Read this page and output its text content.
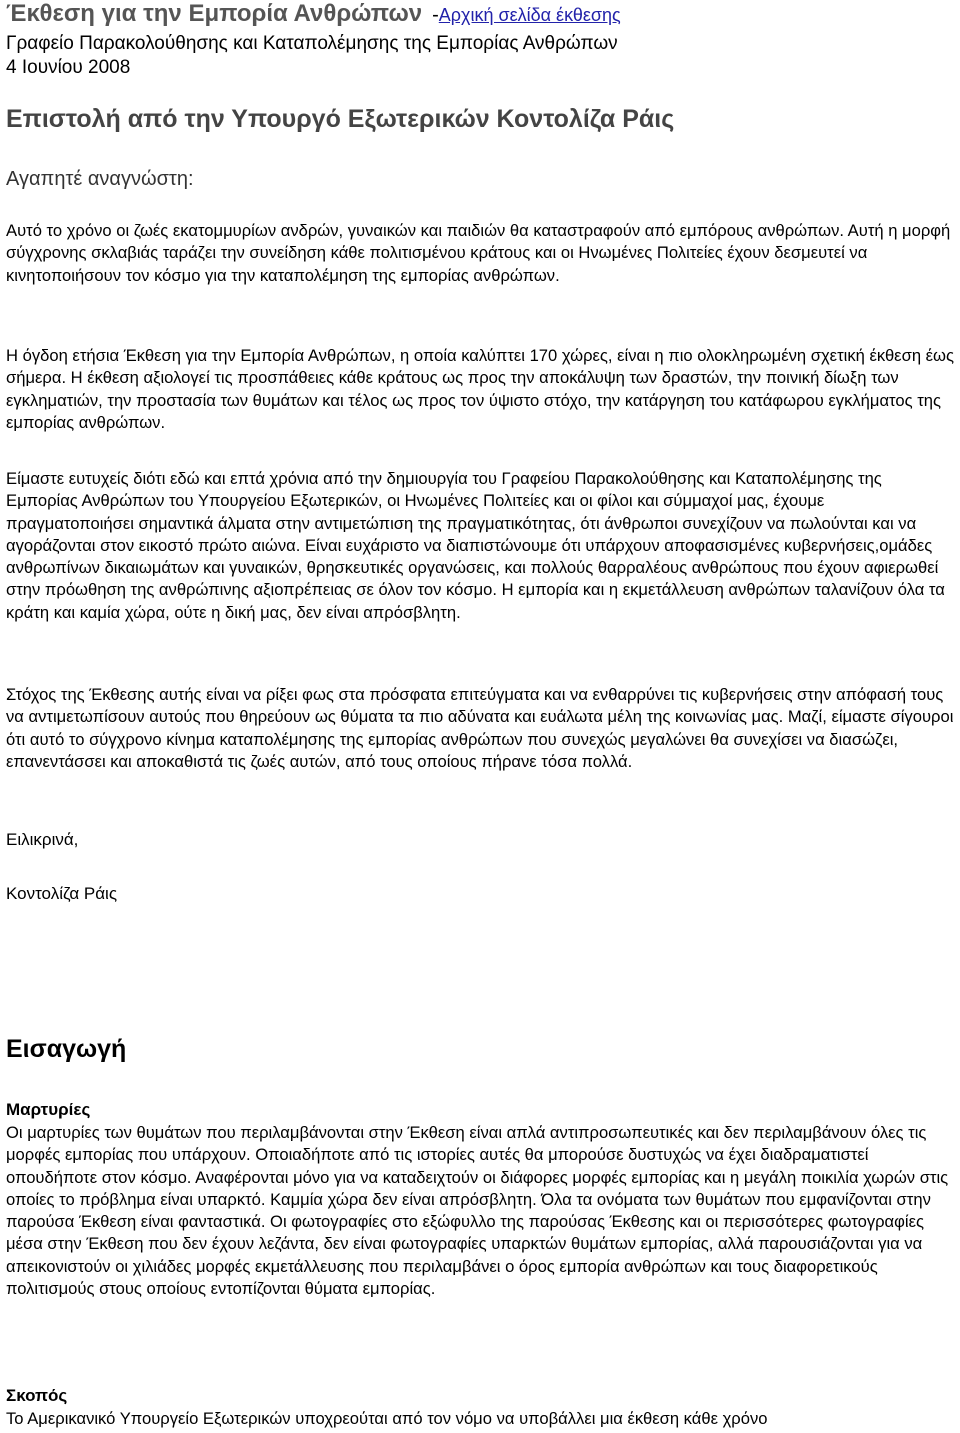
Έκθεση για την Εμπορία Ανθρώπων -Αρχική σελίδα έκθεσης
Γραφείο Παρακολούθησης και Καταπολέμησης της Εμπορίας Ανθρώπων
4 Ιουνίου 2008
Επιστολή από την Υπουργό Εξωτερικών Κοντολίζα Ράις
Αγαπητέ αναγνώστη:

Αυτό το χρόνο οι ζωές εκατομμυρίων ανδρών, γυναικών και παιδιών θα καταστραφούν από εμπόρους ανθρώπων. Αυτή η μορφή σύγχρονης σκλαβιάς ταράζει την συνείδηση κάθε πολιτισμένου κράτους και οι Ηνωμένες Πολιτείες έχουν δεσμευτεί να κινητοποιήσουν τον κόσμο για την καταπολέμηση της εμπορίας ανθρώπων.

Η όγδοη ετήσια Έκθεση για την Εμπορία Ανθρώπων, η οποία καλύπτει 170 χώρες, είναι η πιο ολοκληρωμένη σχετική έκθεση έως σήμερα. Η έκθεση αξιολογεί τις προσπάθειες κάθε κράτους ως προς την αποκάλυψη των δραστών, την ποινική δίωξη των εγκληματιών, την προστασία των θυμάτων και τέλος ως προς τον ύψιστο στόχο, την κατάργηση του κατάφωρου εγκλήματος της εμπορίας ανθρώπων.

Είμαστε ευτυχείς διότι εδώ και επτά χρόνια από την δημιουργία του Γραφείου Παρακολούθησης και Καταπολέμησης της Εμπορίας Ανθρώπων του Υπουργείου Εξωτερικών, οι Ηνωμένες Πολιτείες και οι φίλοι και σύμμαχοί μας, έχουμε πραγματοποιήσει σημαντικά άλματα στην αντιμετώπιση της πραγματικότητας, ότι άνθρωποι συνεχίζουν να πωλούνται και να αγοράζονται στον εικοστό πρώτο αιώνα. Είναι ευχάριστο να διαπιστώνουμε ότι υπάρχουν αποφασισμένες κυβερνήσεις,ομάδες ανθρωπίνων δικαιωμάτων και γυναικών, θρησκευτικές οργανώσεις, και πολλούς θαρραλέους ανθρώπους που έχουν αφιερωθεί στην πρόωθηση της ανθρώπινης αξιοπρέπειας σε όλον τον κόσμο. Η εμπορία και η εκμετάλλευση ανθρώπων ταλανίζουν όλα τα κράτη και καμία χώρα, ούτε η δική μας, δεν είναι απρόσβλητη.

Στόχος της Έκθεσης αυτής είναι να ρίξει φως στα πρόσφατα επιτεύγματα και να ενθαρρύνει τις κυβερνήσεις στην απόφασή τους να αντιμετωπίσουν αυτούς που θηρεύουν ως θύματα τα πιο αδύνατα και ευάλωτα μέλη της κοινωνίας μας. Μαζί, είμαστε σίγουροι ότι αυτό το σύγχρονο κίνημα καταπολέμησης της εμπορίας ανθρώπων που συνεχώς μεγαλώνει θα συνεχίσει να διασώζει, επανεντάσσει και αποκαθιστά τις ζωές αυτών, από τους οποίους πήρανε τόσα πολλά.

Ειλικρινά,
Κοντολίζα Ράις
Εισαγωγή
Μαρτυρίες

Οι μαρτυρίες των θυμάτων που περιλαμβάνονται στην Έκθεση είναι απλά αντιπροσωπευτικές και δεν περιλαμβάνουν όλες τις μορφές εμπορίας που υπάρχουν. Οποιαδήποτε από τις ιστορίες αυτές θα μπορούσε δυστυχώς να έχει διαδραματιστεί οπουδήποτε στον κόσμο. Αναφέρονται μόνο για να καταδειχτούν οι διάφορες μορφές εμπορίας και η μεγάλη ποικιλία χωρών στις οποίες το πρόβλημα είναι υπαρκτό. Καμμία χώρα δεν είναι απρόσβλητη. Όλα τα ονόματα των θυμάτων που εμφανίζονται στην παρούσα Έκθεση είναι φανταστικά. Οι φωτογραφίες στο εξώφυλλο της παρούσας Έκθεσης και οι περισσότερες φωτογραφίες μέσα στην Έκθεση που δεν έχουν λεζάντα, δεν είναι φωτογραφίες υπαρκτών θυμάτων εμπορίας, αλλά παρουσιάζονται για να απεικονιστούν οι χιλιάδες μορφές εκμετάλλευσης που περιλαμβάνει ο όρος εμπορία ανθρώπων και τους διαφορετικούς πολιτισμούς στους οποίους εντοπίζονται θύματα εμπορίας.

Σκοπός

Το Αμερικανικό Υπουργείο Εξωτερικών υποχρεούται από τον νόμο να υποβάλλει μια έκθεση κάθε χρόνο
